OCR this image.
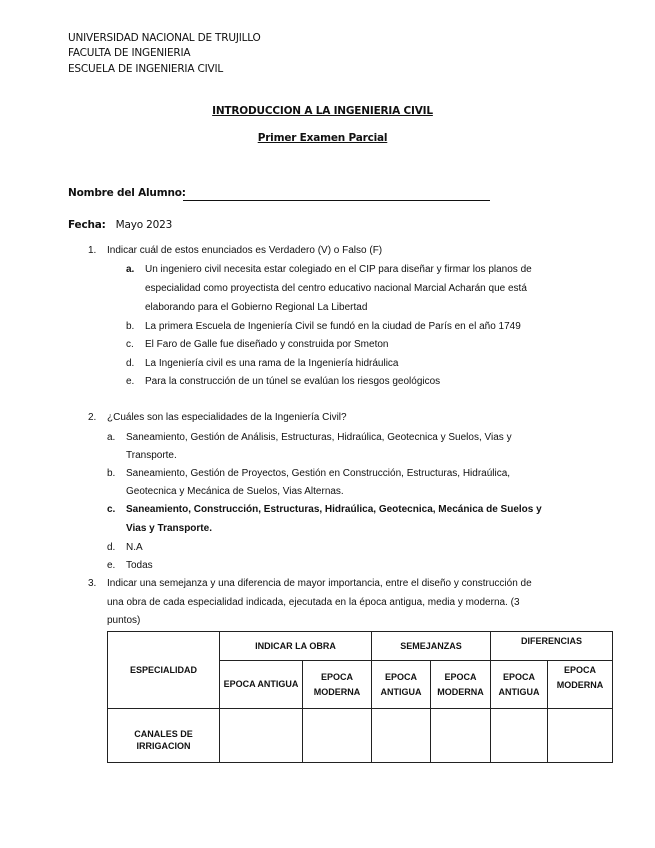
UNIVERSIDAD NACIONAL DE TRUJILLO
FACULTA DE INGENIERIA
ESCUELA DE INGENIERIA CIVIL
INTRODUCCION A LA INGENIERIA CIVIL
Primer Examen Parcial
Nombre del Alumno:
Fecha: Mayo 2023
1. Indicar cuál de estos enunciados es Verdadero (V) o Falso (F)
a. Un ingeniero civil necesita estar colegiado en el CIP para diseñar y firmar los planos de
especialidad como proyectista del centro educativo nacional Marcial Acharán que está
elaborando para el Gobierno Regional La Libertad
b. La primera Escuela de Ingeniería Civil se fundó en la ciudad de París en el año 1749
c. El Faro de Galle fue diseñado y construida por Smeton
d. La Ingeniería civil es una rama de la Ingeniería hidráulica
e. Para la construcción de un túnel se evalúan los riesgos geológicos
2. ¿Cuáles son las especialidades de la Ingeniería Civil?
a. Saneamiento, Gestión de Análisis, Estructuras, Hidraúlica, Geotecnica y Suelos, Vias y
Transporte.
b. Saneamiento, Gestión de Proyectos, Gestión en Construcción, Estructuras, Hidraúlica,
Geotecnica y Mecánica de Suelos, Vias Alternas.
c. Saneamiento, Construcción, Estructuras, Hidraúlica, Geotecnica, Mecánica de Suelos y
Vias y Transporte.
d. N.A
e. Todas
3. Indicar una semejanza y una diferencia de mayor importancia, entre el diseño y construcción de
una obra de cada especialidad indicada, ejecutada en la época antigua, media y moderna. (3
puntos)
ESPECIALIDAD	INDICAR LA OBRA		SEMEJANZAS		DIFERENCIAS	
	EPOCA ANTIGUA	EPOCA MODERNA	EPOCA ANTIGUA	EPOCA MODERNA	EPOCA ANTIGUA	EPOCA MODERNA
CANALES DE IRRIGACION						
